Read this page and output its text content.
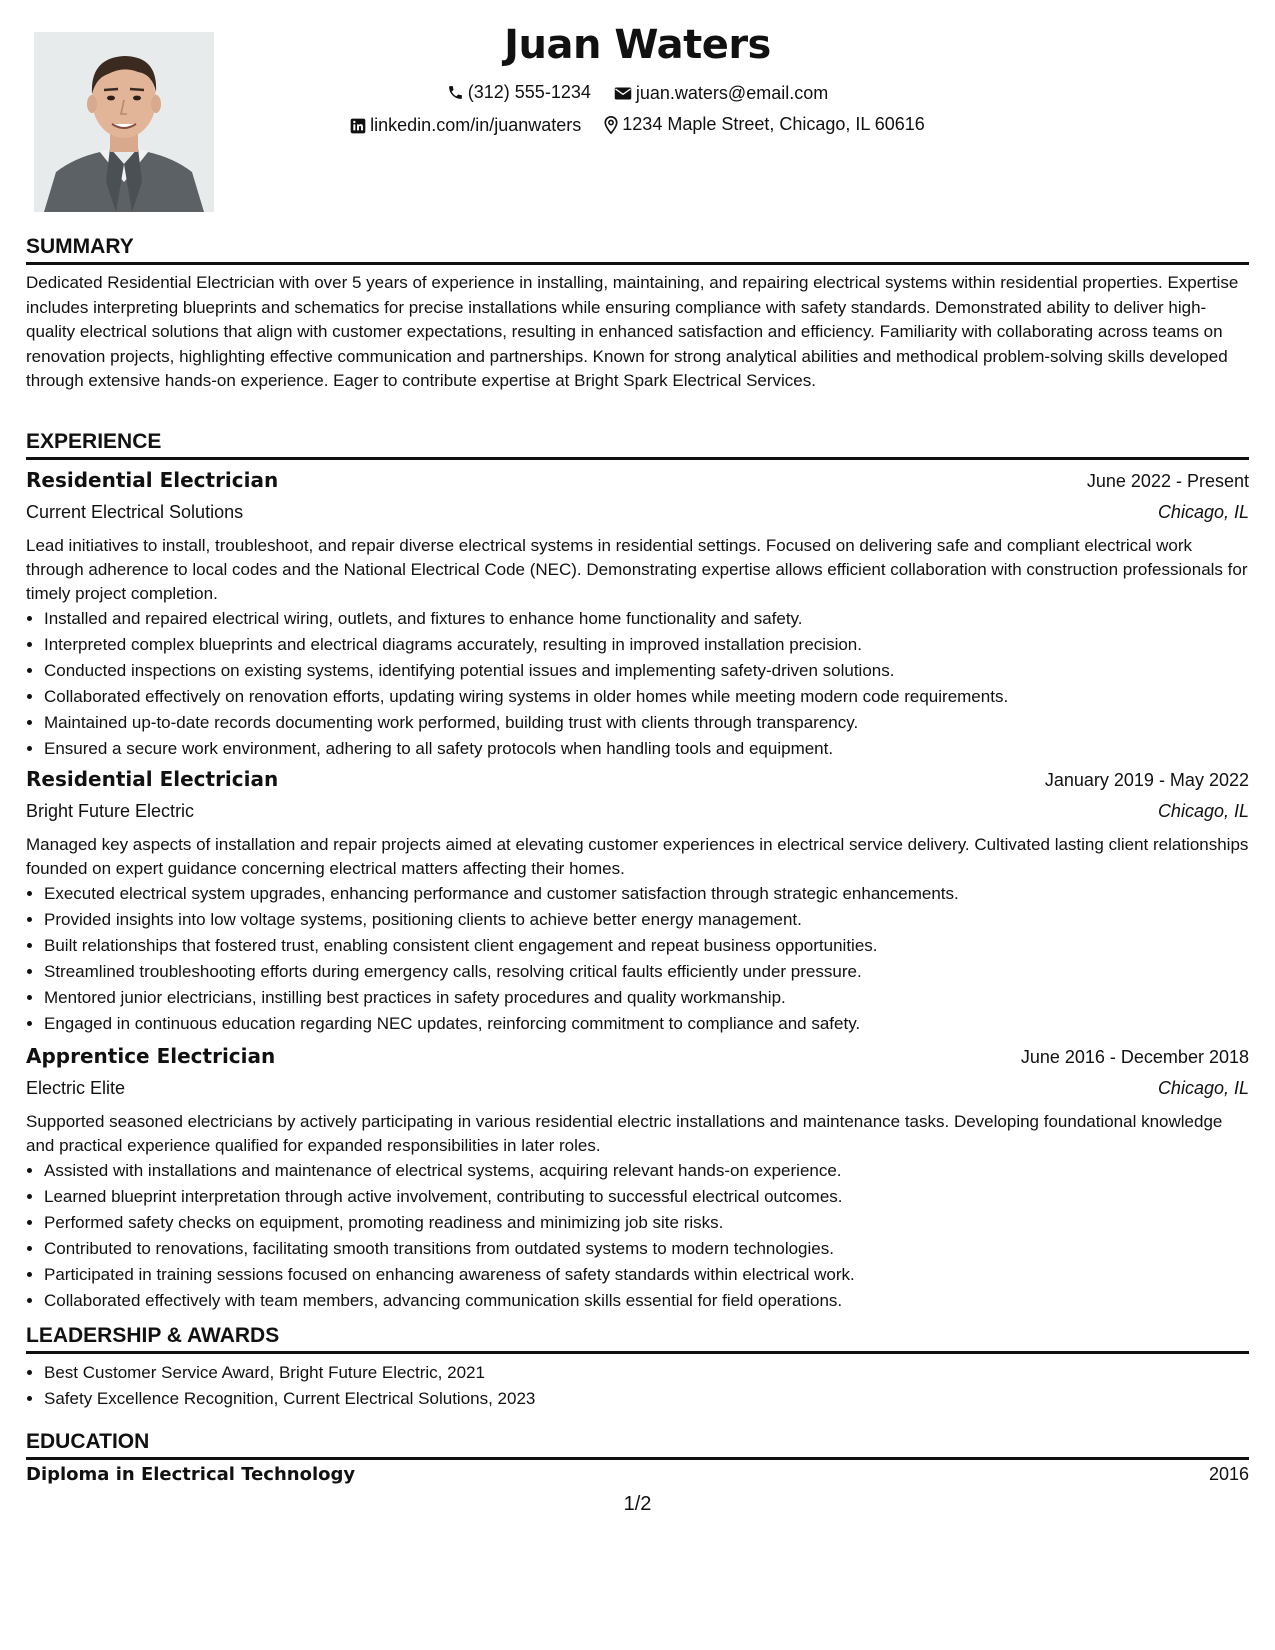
Juan Waters
(312) 555-1234
	juan.waters@email.com
linkedin.com/in/juanwaters
1234 Maple Street, Chicago, IL 60616
SUMMARY

Dedicated Residential Electrician with over 5 years of experience in installing, maintaining, and repairing electrical systems within residential properties. Expertise includes interpreting blueprints and schematics for precise installations while ensuring compliance with safety standards. Demonstrated ability to deliver high-quality electrical solutions that align with customer expectations, resulting in enhanced satisfaction and efficiency. Familiarity with collaborating across teams on renovation projects, highlighting effective communication and partnerships. Known for strong analytical abilities and methodical problem-solving skills developed through extensive hands-on experience. Eager to contribute expertise at Bright Spark Electrical Services.

EXPERIENCE
Residential Electrician	June 2022 - Present
Current Electrical Solutions	Chicago, IL

Lead initiatives to install, troubleshoot, and repair diverse electrical systems in residential settings. Focused on delivering safe and compliant electrical work through adherence to local codes and the National Electrical Code (NEC). Demonstrating expertise allows efficient collaboration with construction professionals for timely project completion.

• Installed and repaired electrical wiring, outlets, and fixtures to enhance home functionality and safety.
• Interpreted complex blueprints and electrical diagrams accurately, resulting in improved installation precision.
• Conducted inspections on existing systems, identifying potential issues and implementing safety-driven solutions.
• Collaborated effectively on renovation efforts, updating wiring systems in older homes while meeting modern code requirements.
• Maintained up-to-date records documenting work performed, building trust with clients through transparency.
• Ensured a secure work environment, adhering to all safety protocols when handling tools and equipment.
Residential Electrician	January 2019 - May 2022
Bright Future Electric	Chicago, IL

Managed key aspects of installation and repair projects aimed at elevating customer experiences in electrical service delivery. Cultivated lasting client relationships founded on expert guidance concerning electrical matters affecting their homes.

• Executed electrical system upgrades, enhancing performance and customer satisfaction through strategic enhancements.
• Provided insights into low voltage systems, positioning clients to achieve better energy management.
• Built relationships that fostered trust, enabling consistent client engagement and repeat business opportunities.
• Streamlined troubleshooting efforts during emergency calls, resolving critical faults efficiently under pressure.
• Mentored junior electricians, instilling best practices in safety procedures and quality workmanship.
• Engaged in continuous education regarding NEC updates, reinforcing commitment to compliance and safety.
Apprentice Electrician	June 2016 - December 2018
Electric Elite	Chicago, IL

Supported seasoned electricians by actively participating in various residential electric installations and maintenance tasks. Developing foundational knowledge and practical experience qualified for expanded responsibilities in later roles.

• Assisted with installations and maintenance of electrical systems, acquiring relevant hands-on experience.
• Learned blueprint interpretation through active involvement, contributing to successful electrical outcomes.
• Performed safety checks on equipment, promoting readiness and minimizing job site risks.
• Contributed to renovations, facilitating smooth transitions from outdated systems to modern technologies.
• Participated in training sessions focused on enhancing awareness of safety standards within electrical work.
• Collaborated effectively with team members, advancing communication skills essential for field operations.
LEADERSHIP & AWARDS
• Best Customer Service Award, Bright Future Electric, 2021
• Safety Excellence Recognition, Current Electrical Solutions, 2023
EDUCATION
Diploma in Electrical Technology	2016
1/2
